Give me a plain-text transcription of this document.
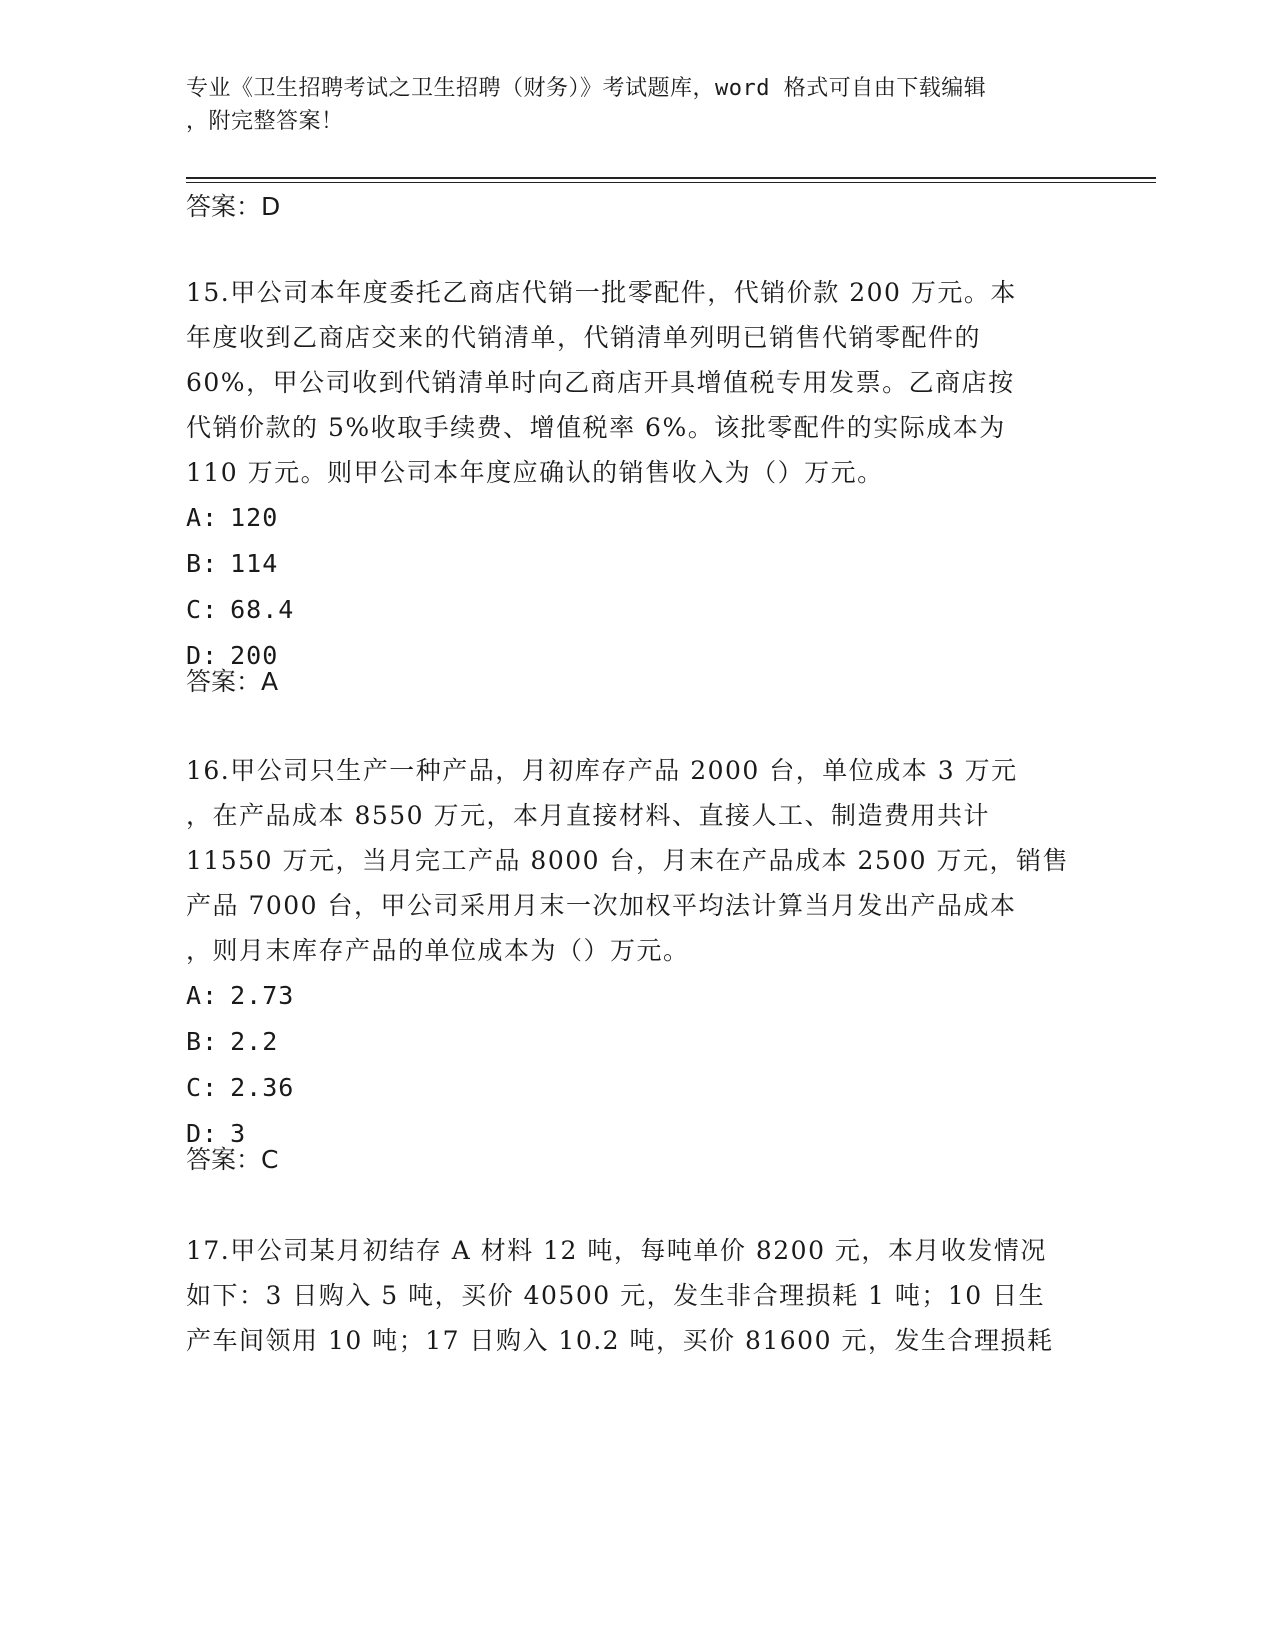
专业《卫生招聘考试之卫生招聘（财务）》考试题库，word 格式可自由下载编辑
，附完整答案！
答案：D
15.甲公司本年度委托乙商店代销一批零配件，代销价款 200 万元。本
年度收到乙商店交来的代销清单，代销清单列明已销售代销零配件的
60%，甲公司收到代销清单时向乙商店开具增值税专用发票。乙商店按
代销价款的 5%收取手续费、增值税率 6%。该批零配件的实际成本为
110 万元。则甲公司本年度应确认的销售收入为（）万元。
A: 120
B: 114
C: 68.4
D: 200
答案：A
16.甲公司只生产一种产品，月初库存产品 2000 台，单位成本 3 万元
，在产品成本 8550 万元，本月直接材料、直接人工、制造费用共计
11550 万元，当月完工产品 8000 台，月末在产品成本 2500 万元，销售
产品 7000 台，甲公司采用月末一次加权平均法计算当月发出产品成本
，则月末库存产品的单位成本为（）万元。
A: 2.73
B: 2.2
C: 2.36
D: 3
答案：C
17.甲公司某月初结存 A 材料 12 吨，每吨单价 8200 元，本月收发情况
如下：3 日购入 5 吨，买价 40500 元，发生非合理损耗 1 吨；10 日生
产车间领用 10 吨；17 日购入 10.2 吨，买价 81600 元，发生合理损耗
